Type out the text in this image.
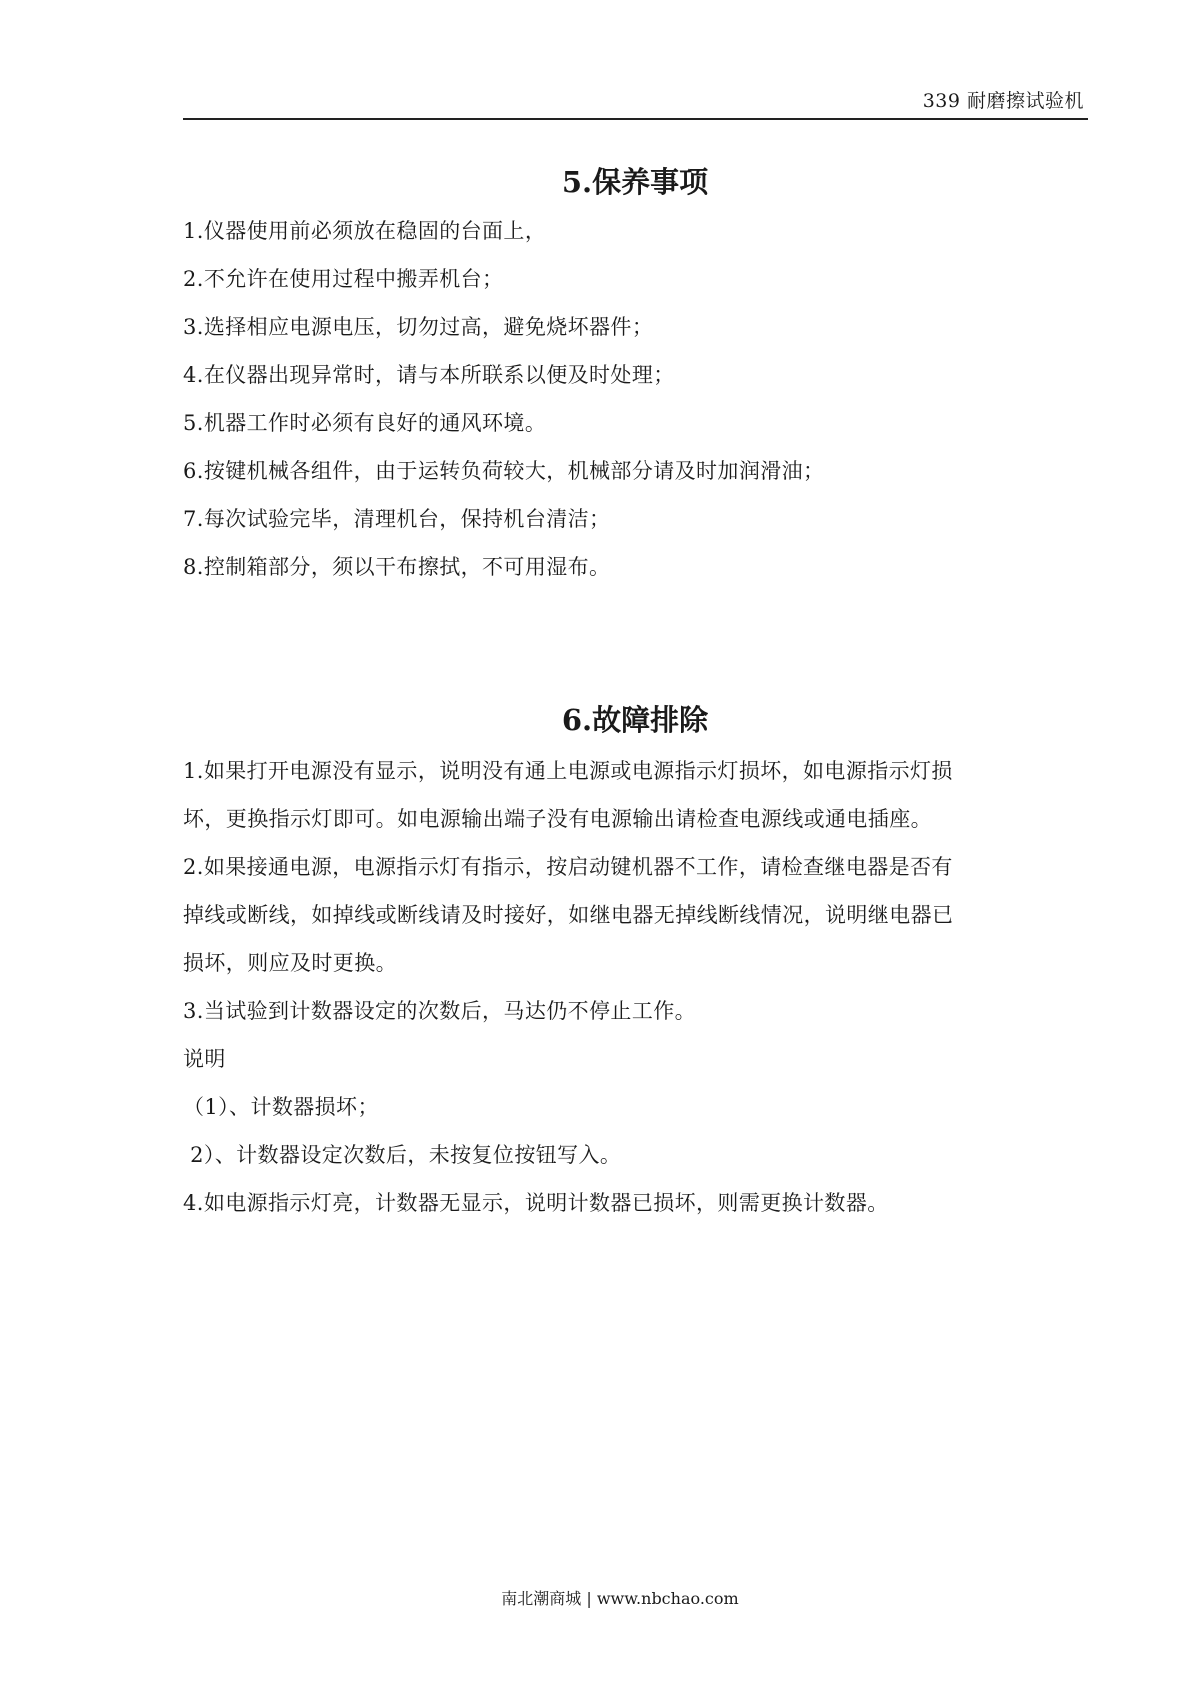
339 耐磨擦试验机
5.保养事项
1.仪器使用前必须放在稳固的台面上，
2.不允许在使用过程中搬弄机台；
3.选择相应电源电压，切勿过高，避免烧坏器件；
4.在仪器出现异常时，请与本所联系以便及时处理；
5.机器工作时必须有良好的通风环境。
6.按键机械各组件，由于运转负荷较大，机械部分请及时加润滑油；
7.每次试验完毕，清理机台，保持机台清洁；
8.控制箱部分，须以干布擦拭，不可用湿布。
6.故障排除
1.如果打开电源没有显示，说明没有通上电源或电源指示灯损坏，如电源指示灯损
坏，更换指示灯即可。如电源输出端子没有电源输出请检查电源线或通电插座。
2.如果接通电源，电源指示灯有指示，按启动键机器不工作，请检查继电器是否有
掉线或断线，如掉线或断线请及时接好，如继电器无掉线断线情况，说明继电器已
损坏，则应及时更换。
3.当试验到计数器设定的次数后，马达仍不停止工作。
说明
（1）、计数器损坏；
2）、计数器设定次数后，未按复位按钮写入。
4.如电源指示灯亮，计数器无显示，说明计数器已损坏，则需更换计数器。
南北潮商城 | www.nbchao.com
